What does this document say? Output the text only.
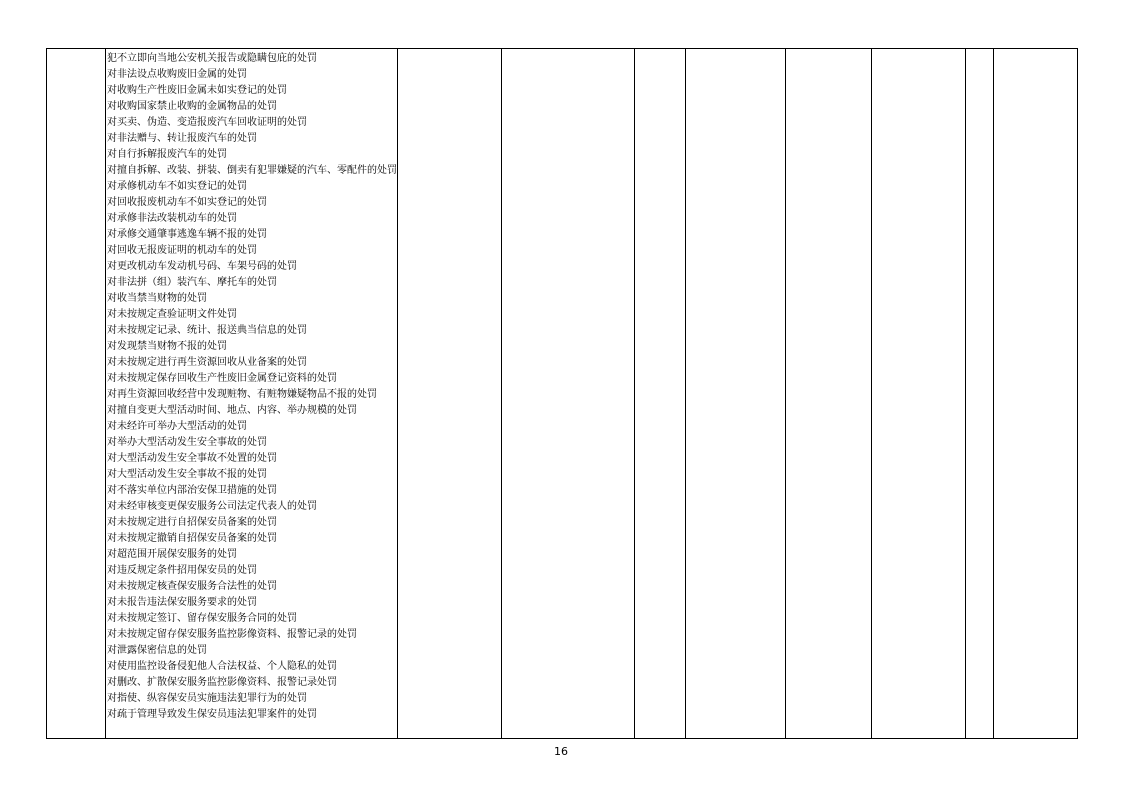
犯不立即向当地公安机关报告或隐瞒包庇的处罚
对非法设点收购废旧金属的处罚
对收购生产性废旧金属未如实登记的处罚
对收购国家禁止收购的金属物品的处罚
对买卖、伪造、变造报废汽车回收证明的处罚
对非法赠与、转让报废汽车的处罚
对自行拆解报废汽车的处罚
对擅自拆解、改装、拼装、倒卖有犯罪嫌疑的汽车、零配件的处罚
对承修机动车不如实登记的处罚
对回收报废机动车不如实登记的处罚
对承修非法改装机动车的处罚
对承修交通肇事逃逸车辆不报的处罚
对回收无报废证明的机动车的处罚
对更改机动车发动机号码、车架号码的处罚
对非法拼（组）装汽车、摩托车的处罚
对收当禁当财物的处罚
对未按规定查验证明文件处罚
对未按规定记录、统计、报送典当信息的处罚
对发现禁当财物不报的处罚
对未按规定进行再生资源回收从业备案的处罚
对未按规定保存回收生产性废旧金属登记资料的处罚
对再生资源回收经营中发现赃物、有赃物嫌疑物品不报的处罚
对擅自变更大型活动时间、地点、内容、举办规模的处罚
对未经许可举办大型活动的处罚
对举办大型活动发生安全事故的处罚
对大型活动发生安全事故不处置的处罚
对大型活动发生安全事故不报的处罚
对不落实单位内部治安保卫措施的处罚
对未经审核变更保安服务公司法定代表人的处罚
对未按规定进行自招保安员备案的处罚
对未按规定撤销自招保安员备案的处罚
对超范围开展保安服务的处罚
对违反规定条件招用保安员的处罚
对未按规定核查保安服务合法性的处罚
对未报告违法保安服务要求的处罚
对未按规定签订、留存保安服务合同的处罚
对未按规定留存保安服务监控影像资料、报警记录的处罚
对泄露保密信息的处罚
对使用监控设备侵犯他人合法权益、个人隐私的处罚
对删改、扩散保安服务监控影像资料、报警记录处罚
对指使、纵容保安员实施违法犯罪行为的处罚
对疏于管理导致发生保安员违法犯罪案件的处罚

16
